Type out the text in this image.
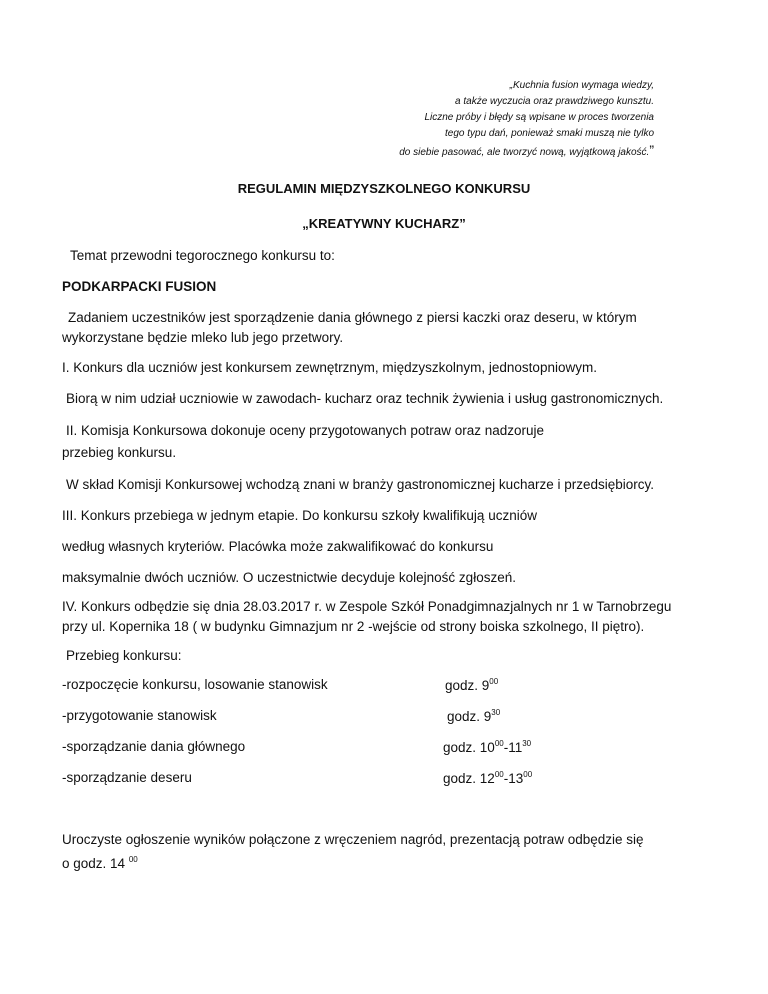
„Kuchnia fusion wymaga wiedzy,
a także wyczucia oraz prawdziwego kunsztu.
Liczne próby i błędy są wpisane w proces tworzenia
tego typu dań, ponieważ smaki muszą nie tylko
do siebie pasować, ale tworzyć nową, wyjątkową jakość.”
REGULAMIN MIĘDZYSZKOLNEGO KONKURSU
„KREATYWNY KUCHARZ”
Temat przewodni tegorocznego konkursu to:
PODKARPACKI FUSION
Zadaniem uczestników jest sporządzenie dania głównego z piersi kaczki oraz deseru, w którym
wykorzystane będzie mleko lub jego przetwory.
I. Konkurs dla uczniów jest konkursem zewnętrznym, międzyszkolnym, jednostopniowym.
Biorą w nim udział uczniowie w zawodach- kucharz oraz technik żywienia i usług gastronomicznych.
II. Komisja Konkursowa dokonuje oceny przygotowanych potraw oraz nadzoruje
przebieg konkursu.
W skład Komisji Konkursowej wchodzą znani w branży gastronomicznej kucharze i przedsiębiorcy.
III. Konkurs przebiega w jednym etapie. Do konkursu szkoły kwalifikują uczniów
według własnych kryteriów. Placówka może zakwalifikować do konkursu
maksymalnie dwóch uczniów. O uczestnictwie decyduje kolejność zgłoszeń.
IV. Konkurs odbędzie się dnia 28.03.2017 r. w Zespole Szkół Ponadgimnazjalnych nr 1 w Tarnobrzegu
przy ul. Kopernika 18 ( w budynku Gimnazjum nr 2 -wejście od strony boiska szkolnego, II piętro).
Przebieg konkursu:
-rozpoczęcie konkursu, losowanie stanowisk	godz. $9^{00}$
-przygotowanie stanowisk	godz. $9^{30}$
-sporządzanie dania głównego	godz. $10^{00}-11^{30}$
-sporządzanie deseru	godz. $12^{00}-13^{00}$
Uroczyste ogłoszenie wyników połączone z wręczeniem nagród, prezentacją potraw odbędzie się
o godz. 14 $^{00}$
